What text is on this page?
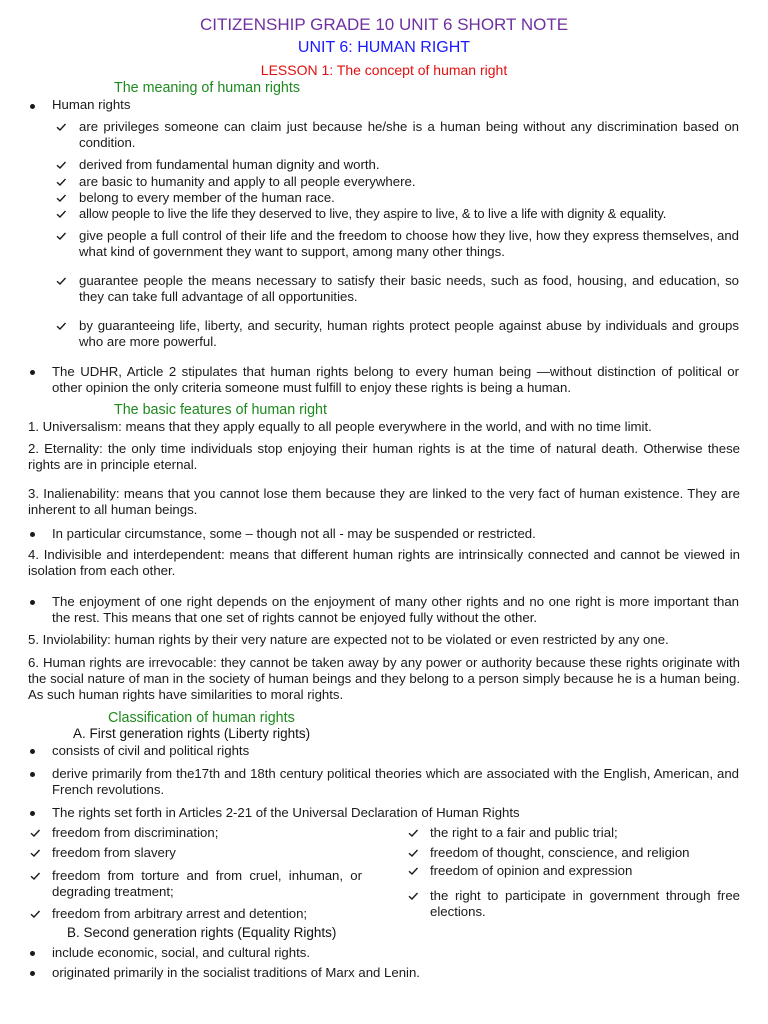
CITIZENSHIP GRADE 10 UNIT 6 SHORT NOTE
UNIT 6: HUMAN RIGHT
LESSON 1: The concept of human right
The meaning of human rights
Human rights
are privileges someone can claim just because he/she is a human being without any discrimination based on condition.
derived from fundamental human dignity and worth.
are basic to humanity and apply to all people everywhere.
belong to every member of the human race.
allow people to live the life they deserved to live, they aspire to live, & to live a life with dignity & equality.
give people a full control of their life and the freedom to choose how they live, how they express themselves, and what kind of government they want to support, among many other things.
guarantee people the means necessary to satisfy their basic needs, such as food, housing, and education, so they can take full advantage of all opportunities.
by guaranteeing life, liberty, and security, human rights protect people against abuse by individuals and groups who are more powerful.
The UDHR, Article 2 stipulates that human rights belong to every human being —without distinction of political or other opinion the only criteria someone must fulfill to enjoy these rights is being a human.
The basic features of human right
1. Universalism: means that they apply equally to all people everywhere in the world, and with no time limit.
2. Eternality: the only time individuals stop enjoying their human rights is at the time of natural death. Otherwise these rights are in principle eternal.
3. Inalienability: means that you cannot lose them because they are linked to the very fact of human existence. They are inherent to all human beings.
In particular circumstance, some – though not all - may be suspended or restricted.
4. Indivisible and interdependent: means that different human rights are intrinsically connected and cannot be viewed in isolation from each other.
The enjoyment of one right depends on the enjoyment of many other rights and no one right is more important than the rest. This means that one set of rights cannot be enjoyed fully without the other.
5. Inviolability: human rights by their very nature are expected not to be violated or even restricted by any one.
6. Human rights are irrevocable: they cannot be taken away by any power or authority because these rights originate with the social nature of man in the society of human beings and they belong to a person simply because he is a human being. As such human rights have similarities to moral rights.
Classification of human rights
A. First generation rights (Liberty rights)
consists of civil and political rights
derive primarily from the17th and 18th century political theories which are associated with the English, American, and French revolutions.
The rights set forth in Articles 2-21 of the Universal Declaration of Human Rights
freedom from discrimination;
freedom from slavery
freedom from torture and from cruel, inhuman, or degrading treatment;
freedom from arbitrary arrest and detention;
the right to a fair and public trial;
freedom of thought, conscience, and religion
freedom of opinion and expression
the right to participate in government through free elections.
B. Second generation rights (Equality Rights)
include economic, social, and cultural rights.
originated primarily in the socialist traditions of Marx and Lenin.
